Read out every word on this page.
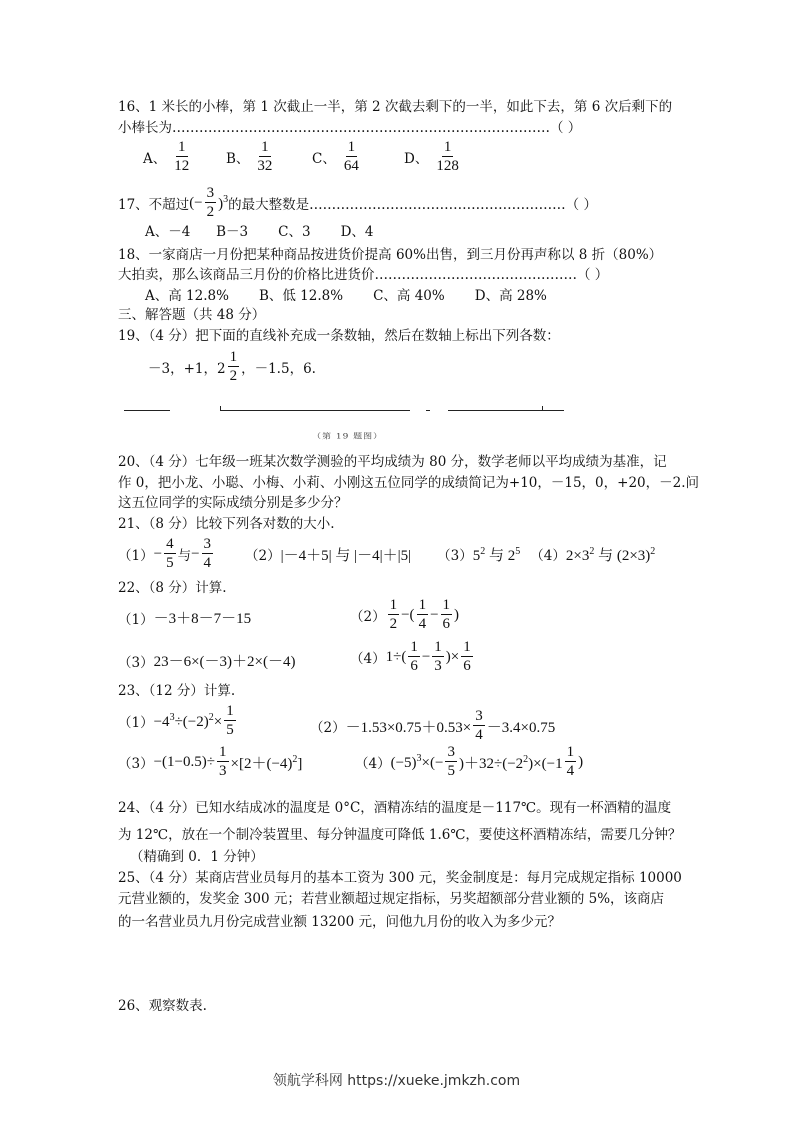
16、1 米长的小棒，第 1 次截止一半，第 2 次截去剩下的一半，如此下去，第 6 次后剩下的
小棒长为…………………………………………………………………………（ ）
A、 $\frac{1}{12}$	B、 $\frac{1}{32}$	C、 $\frac{1}{64}$	D、 $\frac{1}{128}$
17、不超过 (− $\frac{3}{2} )^3$ 的最大整数是…………………………………………………（ ）
A、－4      B－3       C、3       D、4
18、一家商店一月份把某种商品按进货价提高 60%出售，到三月份再声称以 8 折（80%）
大拍卖，那么该商品三月份的价格比进货价………………………………………（ ）
A、高 12.8%       B、低 12.8%       C、高 40%       D、高 28%
三、解答题（共 48 分）
19、（4 分）把下面的直线补充成一条数轴，然后在数轴上标出下列各数：
－3，+1，$2 \frac{1}{2}$ ，－1.5，6.
（第 19 题图）
20、（4 分）七年级一班某次数学测验的平均成绩为 80 分，数学老师以平均成绩为基准，记
作 0，把小龙、小聪、小梅、小莉、小刚这五位同学的成绩简记为+10，－15，0，+20，－2.问
这五位同学的实际成绩分别是多少分？
21、（8 分）比较下列各对数的大小.
$(1) - \frac{4}{5}$ 与 − $\frac{3}{4} (2)$ |－4＋5| 与 |－4|＋|5| （3） $5^2$ 与 $2^5$ （4） $2\times 3^2$ 与 $(2\times 3)^2$
22、（8 分）计算.
（1） －3＋8－7－15	$(2) \frac{1}{2}$ −( $\frac{1}{4} - \frac{1}{6}$ )
（3） 23－6×(－3)＋2×(－4)	（4） $1\div( \frac{1}{6} - \frac{1}{3}$ )× $\frac{1}{6}$
23、（12 分）计算.
$(1) -4^3\div(-2)^2\times \frac{1}{5}$	$(2) -1.53\times 0.75+0.53\times \frac{3}{4} -3.4\times 0.75$
$(3) -(1-0.5)\div \frac{1}{3} \times[2+(-4)^2]$	（4） $(-5)^3\times(- \frac{3}{5} )+32\div(-2^2)\times(-1 \frac{1}{4}$ )
24、（4 分）已知水结成冰的温度是 0°C，酒精冻结的温度是－117℃。现有一杯酒精的温度
为 12℃，放在一个制冷装置里、每分钟温度可降低 1.6℃，要使这杯酒精冻结，需要几分钟？
（精确到 0．1 分钟）
25、（4 分）某商店营业员每月的基本工资为 300 元，奖金制度是：每月完成规定指标 10000
元营业额的，发奖金 300 元；若营业额超过规定指标，另奖超额部分营业额的 5%，该商店
的一名营业员九月份完成营业额 13200 元，问他九月份的收入为多少元？
26、观察数表.
领航学科网 https://xueke.jmkzh.com
